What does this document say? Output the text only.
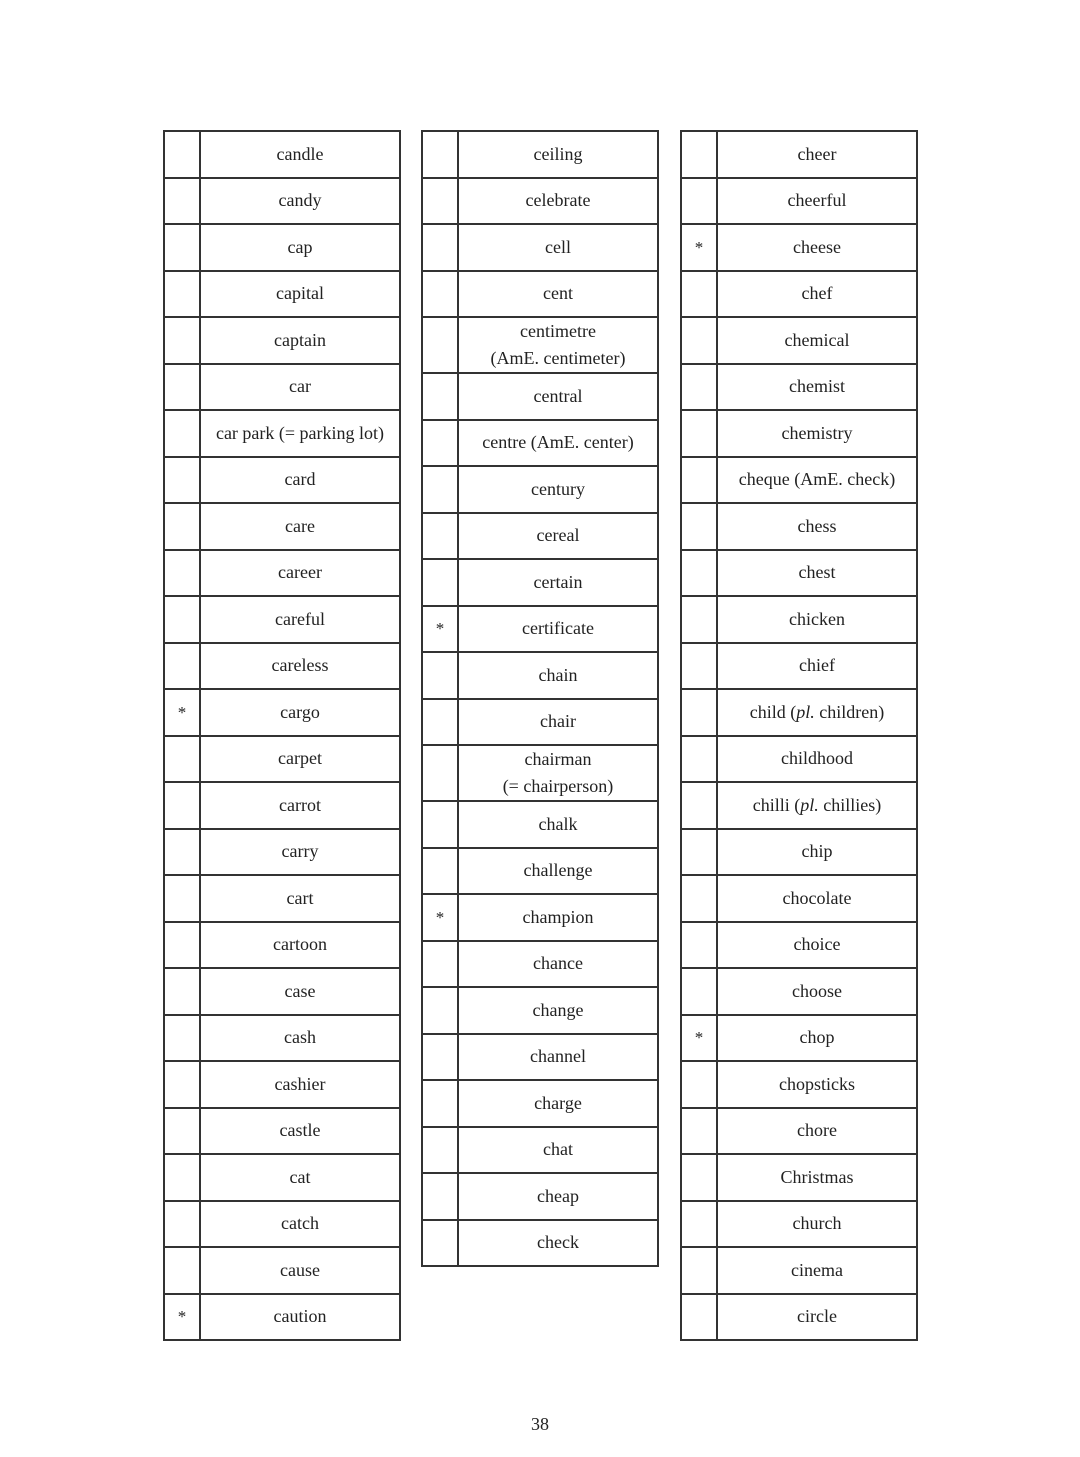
	candle
	candy
	cap
	capital
	captain
	car
	car park (= parking lot)
	card
	care
	career
	careful
	careless
*	cargo
	carpet
	carrot
	carry
	cart
	cartoon
	case
	cash
	cashier
	castle
	cat
	catch
	cause
*	caution
	ceiling
	celebrate
	cell
	cent
	centimetre
(AmE. centimeter)

	central
	centre (AmE. center)
	century
	cereal
	certain
*	certificate
	chain
	chair
	chairman
(= chairperson)

	chalk
	challenge
*	champion
	chance
	change
	channel
	charge
	chat
	cheap
	check
	cheer
	cheerful
*	cheese
	chef
	chemical
	chemist
	chemistry
	cheque (AmE. check)
	chess
	chest
	chicken
	chief
	child (pl. children)
	childhood
	chilli (pl. chillies)
	chip
	chocolate
	choice
	choose
*	chop
	chopsticks
	chore
	Christmas
	church
	cinema
	circle
38
